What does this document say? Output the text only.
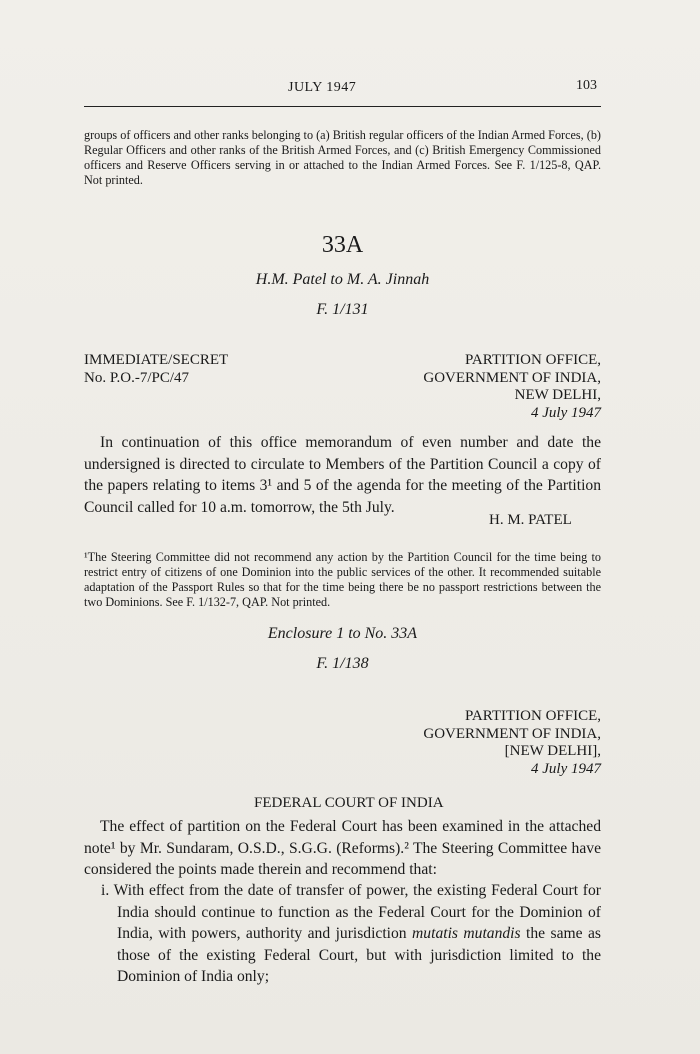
JULY 1947	103

groups of officers and other ranks belonging to (a) British regular officers of the Indian Armed Forces, (b) Regular Officers and other ranks of the British Armed Forces, and (c) British Emergency Commissioned officers and Reserve Officers serving in or attached to the Indian Armed Forces. See F. 1/125-8, QAP. Not printed.

33A
H.M. Patel to M. A. Jinnah
F. 1/131
IMMEDIATE/SECRET
No. P.O.-7/PC/47
PARTITION OFFICE,
GOVERNMENT OF INDIA,
NEW DELHI,
4 July 1947

In continuation of this office memorandum of even number and date the undersigned is directed to circulate to Members of the Partition Council a copy of the papers relating to items 3¹ and 5 of the agenda for the meeting of the Partition Council called for 10 a.m. tomorrow, the 5th July.

H. M. PATEL

¹The Steering Committee did not recommend any action by the Partition Council for the time being to restrict entry of citizens of one Dominion into the public services of the other. It recommended suitable adaptation of the Passport Rules so that for the time being there be no passport restrictions between the two Dominions. See F. 1/132-7, QAP. Not printed.

Enclosure 1 to No. 33A
F. 1/138
PARTITION OFFICE,
GOVERNMENT OF INDIA,
[NEW DELHI],
4 July 1947
FEDERAL COURT OF INDIA

The effect of partition on the Federal Court has been examined in the attached note¹ by Mr. Sundaram, O.S.D., S.G.G. (Reforms).² The Steering Committee have considered the points made therein and recommend that:

i. With effect from the date of transfer of power, the existing Federal Court for India should continue to function as the Federal Court for the Dominion of India, with powers, authority and jurisdiction mutatis mutandis the same as those of the existing Federal Court, but with jurisdiction limited to the Dominion of India only;
